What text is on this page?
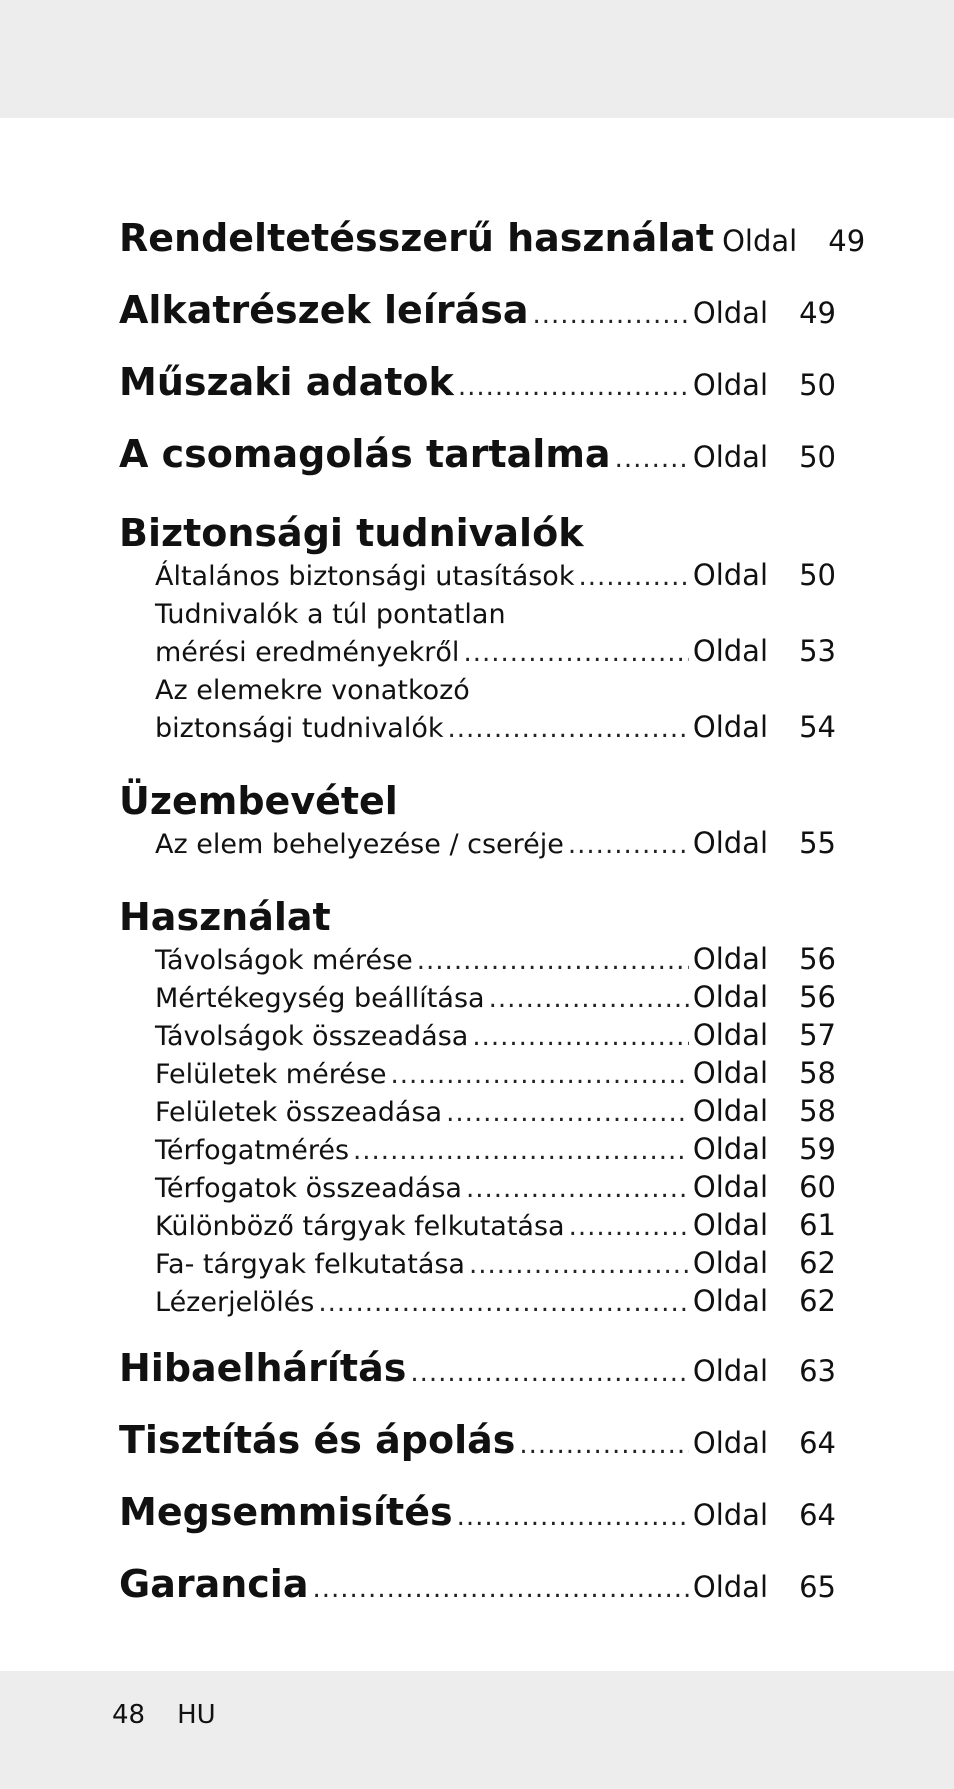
Rendeltetésszerű használat Oldal	49
Alkatrészek leírása .....	Oldal	49
Műszaki adatok .....	Oldal	50
A csomagolás tartalma .....	Oldal	50
Biztonsági tudnivalók
Általános biztonsági utasítások .....	Oldal	50
Tudnivalók a túl pontatlan
mérési eredményekről .....	Oldal	53
Az elemekre vonatkozó
biztonsági tudnivalók .....	Oldal	54
Üzembevétel
Az elem behelyezése / cseréje .....	Oldal	55
Használat
Távolságok mérése .....	Oldal	56
Mértékegység beállítása .....	Oldal	56
Távolságok összeadása .....	Oldal	57
Felületek mérése .....	Oldal	58
Felületek összeadása .....	Oldal	58
Térfogatmérés .....	Oldal	59
Térfogatok összeadása .....	Oldal	60
Különböző tárgyak felkutatása .....	Oldal	61
Fa- tárgyak felkutatása .....	Oldal	62
Lézerjelölés .....	Oldal	62
Hibaelhárítás .....	Oldal	63
Tisztítás és ápolás .....	Oldal	64
Megsemmisítés .....	Oldal	64
Garancia .....	Oldal	65
48 HU
